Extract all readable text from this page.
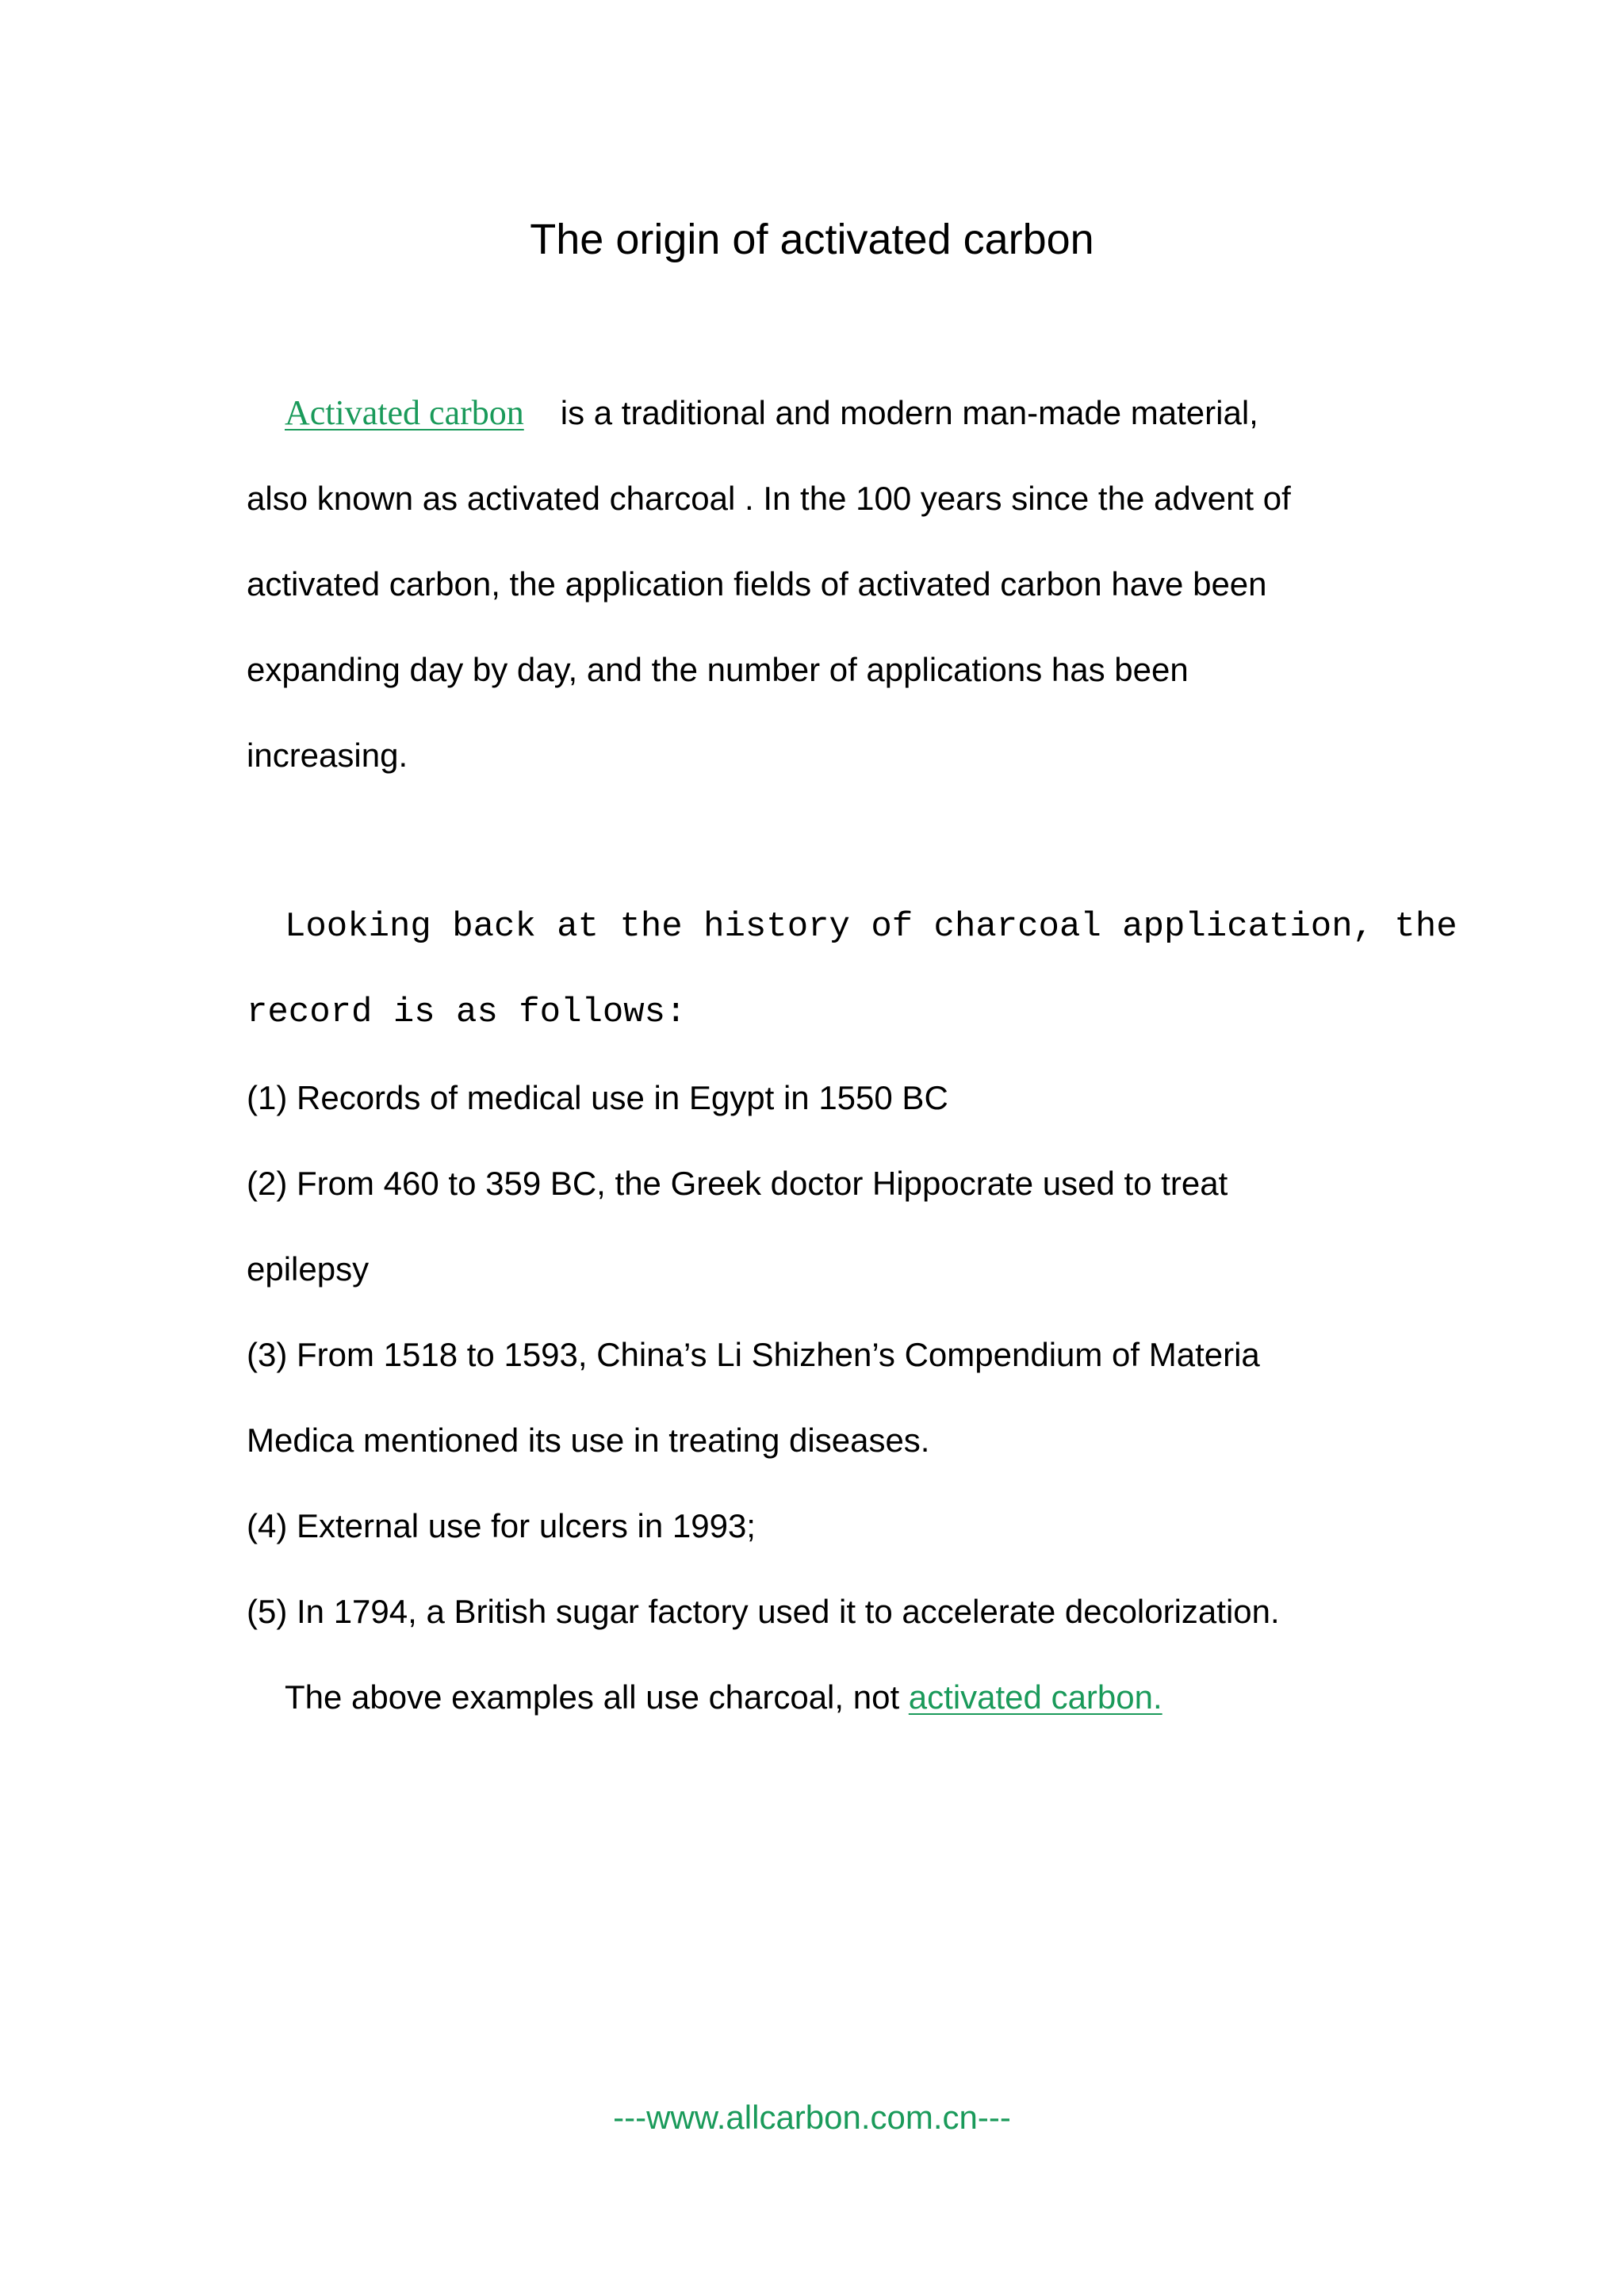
The origin of activated carbon

Activated carbon is a traditional and modern man-made material,

also known as activated charcoal . In the 100 years since the advent of

activated carbon, the application fields of activated carbon have been

expanding day by day, and the number of applications has been

increasing.

Looking back at the history of charcoal application, the

record is as follows:

(1) Records of medical use in Egypt in 1550 BC

(2) From 460 to 359 BC, the Greek doctor Hippocrate used to treat

epilepsy

(3) From 1518 to 1593, China’s Li Shizhen’s Compendium of Materia

Medica mentioned its use in treating diseases.

(4) External use for ulcers in 1993;

(5) In 1794, a British sugar factory used it to accelerate decolorization.

The above examples all use charcoal, not activated carbon.

---www.allcarbon.com.cn---
